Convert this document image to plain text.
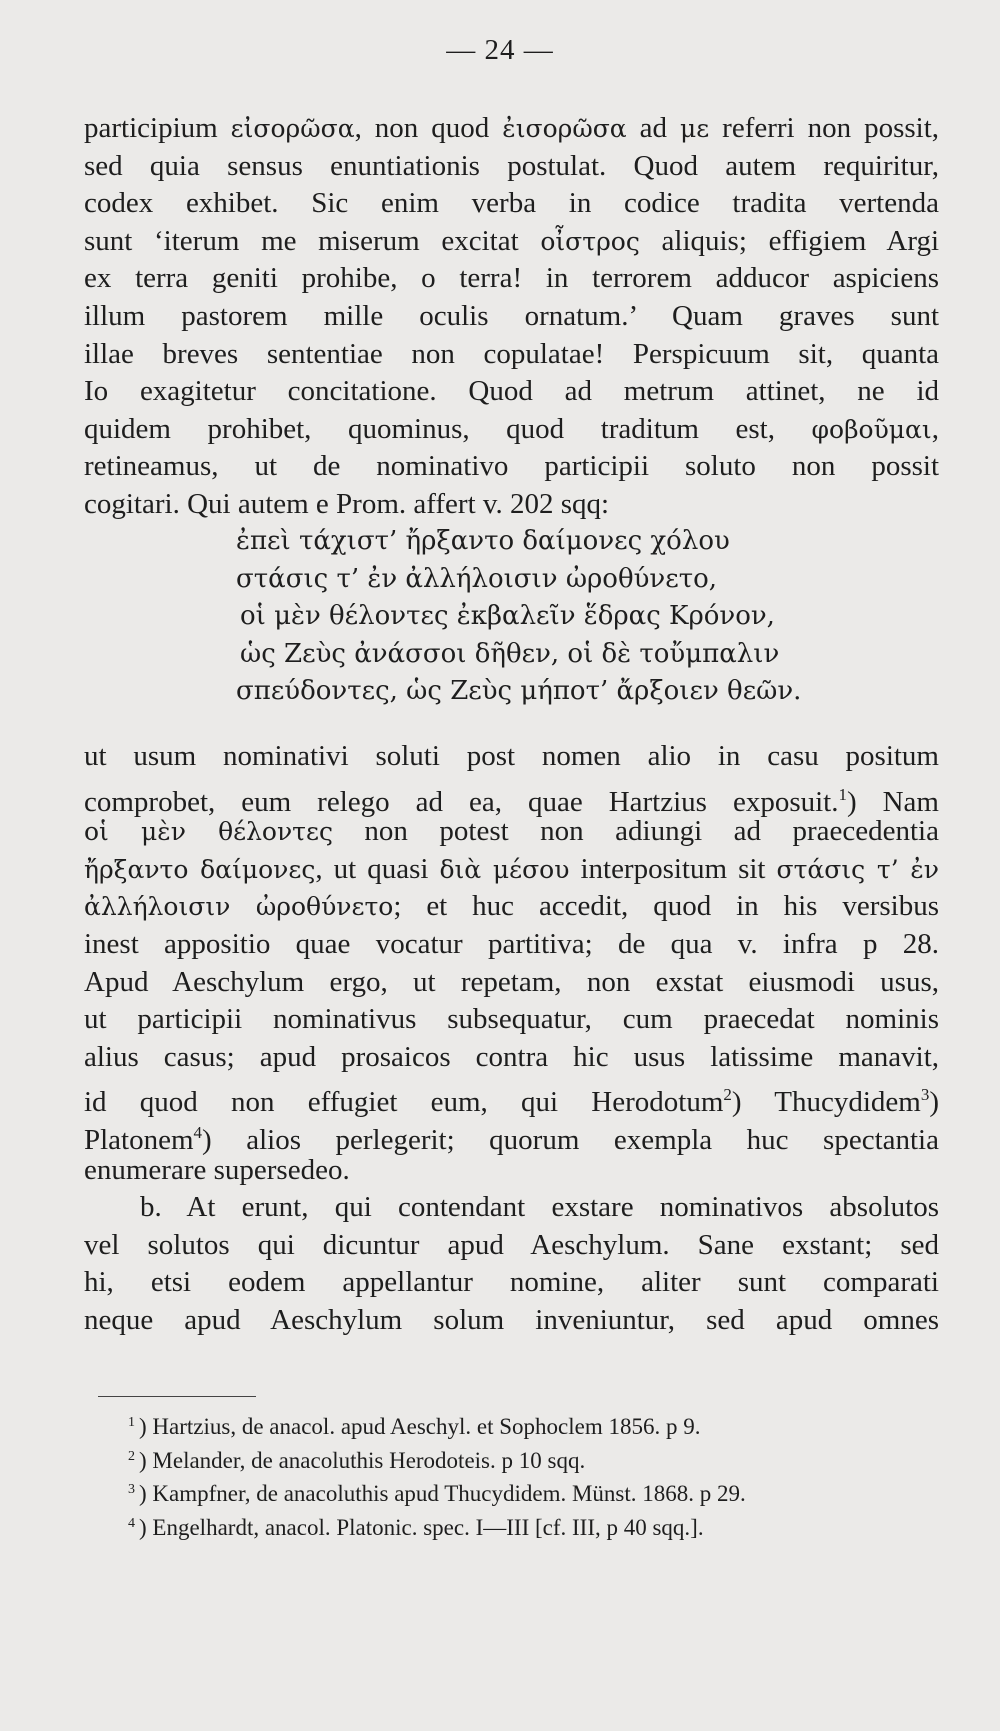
— 24 —
participium εἰσορῶσα, non quod ἐισορῶσα ad με referri non possit,
sed quia sensus enuntiationis postulat. Quod autem requiritur,
codex exhibet. Sic enim verba in codice tradita vertenda
sunt ‘iterum me miserum excitat οἶστρος aliquis; effigiem Argi
ex terra geniti prohibe, o terra! in terrorem adducor aspiciens
illum pastorem mille oculis ornatum.’ Quam graves sunt
illae breves sententiae non copulatae! Perspicuum sit, quanta
Io exagitetur concitatione. Quod ad metrum attinet, ne id
quidem prohibet, quominus, quod traditum est, φοβοῦμαι,
retineamus, ut de nominativo participii soluto non possit
cogitari. Qui autem e Prom. affert v. 202 sqq:
ἐπεὶ τάχιστ’ ἤρξαντο δαίμονες χόλου
στάσις τ’ ἐν ἀλλήλοισιν ὠροθύνετο,
οἱ μὲν θέλοντες ἐκβαλεῖν ἕδρας Κρόνον,
ὡς Ζεὺς ἀνάσσοι δῆθεν, οἱ δὲ τοὔμπαλιν
σπεύδοντες, ὡς Ζεὺς μήποτ’ ἄρξοιεν θεῶν.
ut usum nominativi soluti post nomen alio in casu positum
comprobet, eum relego ad ea, quae Hartzius exposuit.$^1$) Nam
οἱ μὲν θέλοντες non potest non adiungi ad praecedentia
ἤρξαντο δαίμονες, ut quasi διὰ μέσου interpositum sit στάσις τ’ ἐν
ἀλλήλοισιν ὠροθύνετο; et huc accedit, quod in his versibus
inest appositio quae vocatur partitiva; de qua v. infra p 28.
Apud Aeschylum ergo, ut repetam, non exstat eiusmodi usus,
ut participii nominativus subsequatur, cum praecedat nominis
alius casus; apud prosaicos contra hic usus latissime manavit,
id quod non effugiet eum, qui Herodotum$^2$) Thucydidem$^3$)
Platonem$^4$) alios perlegerit; quorum exempla huc spectantia
enumerare supersedeo.
b. At erunt, qui contendant exstare nominativos absolutos
vel solutos qui dicuntur apud Aeschylum. Sane exstant; sed
hi, etsi eodem appellantur nomine, aliter sunt comparati
neque apud Aeschylum solum inveniuntur, sed apud omnes
$^1$ ) Hartzius, de anacol. apud Aeschyl. et Sophoclem 1856. p 9.
$^2$ ) Melander, de anacoluthis Herodoteis. p 10 sqq.
$^3$ ) Kampfner, de anacoluthis apud Thucydidem. Münst. 1868. p 29.
$^4$ ) Engelhardt, anacol. Platonic. spec. I—III [cf. III, p 40 sqq.].
